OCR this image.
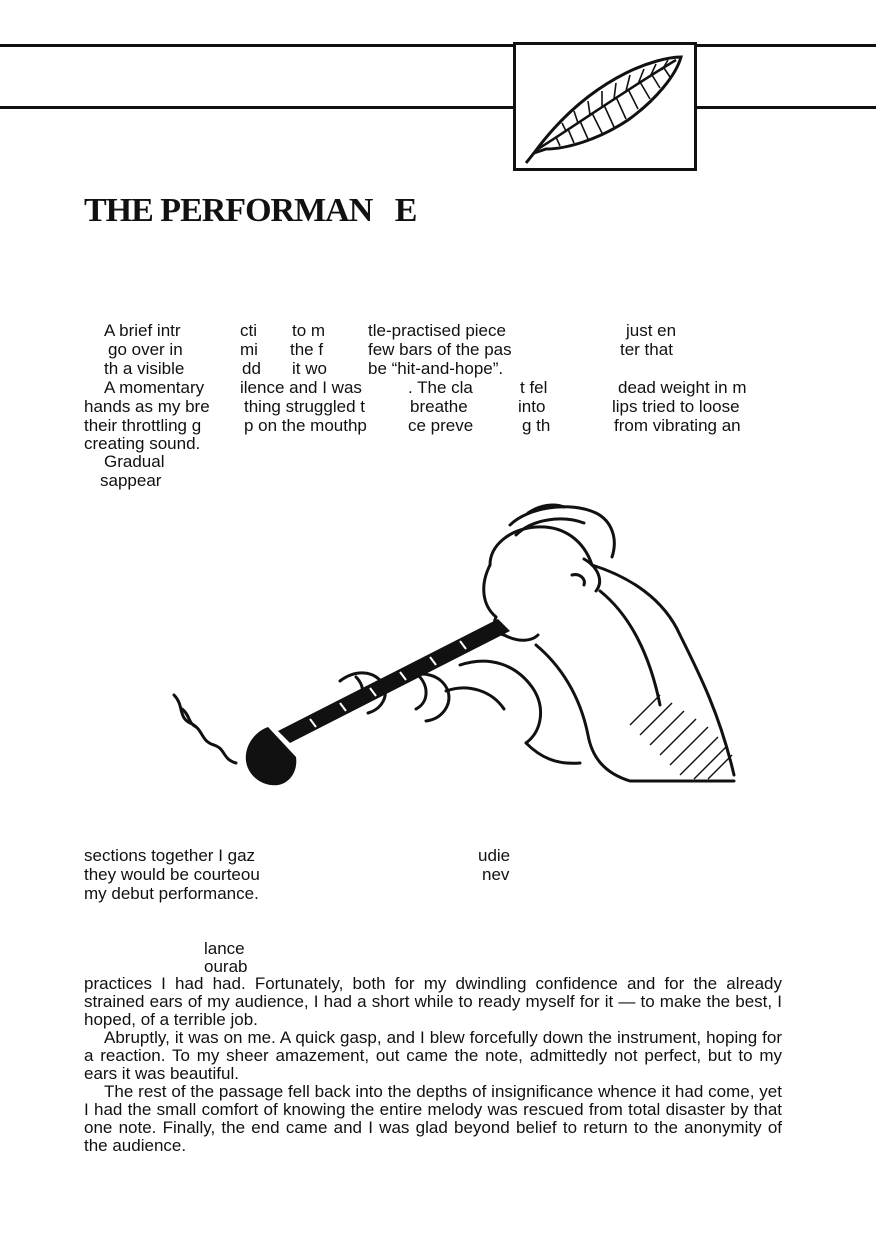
THE PERFORMAN   E

A brief intr	cti to m	tle-practised piece	just en

go over in	mi the f	few bars of the pas	ter that

th a visible	dd it wo be “hit-and-hope”.

A momentary ilence and I was	. The cla	t fel	dead weight in m

hands as my bre thing struggled t	breathe	into	lips tried to loose

their throttling g	p on the mouthp ce preve	g th	from vibrating an

creating sound.

Gradual

sappear

sections together I gaz	udie

they would be courteou	nev

my debut performance.

lance

ourab

practices I had had. Fortunately, both for my dwindling confidence and for the already strained ears of my audience, I had a short while to ready myself for it — to make the best, I hoped, of a terrible job.

Abruptly, it was on me. A quick gasp, and I blew forcefully down the instrument, hoping for a reaction. To my sheer amazement, out came the note, admittedly not perfect, but to my ears it was beautiful.

The rest of the passage fell back into the depths of insignificance whence it had come, yet I had the small comfort of knowing the entire melody was rescued from total disaster by that one note. Finally, the end came and I was glad beyond belief to return to the anonymity of the audience.
